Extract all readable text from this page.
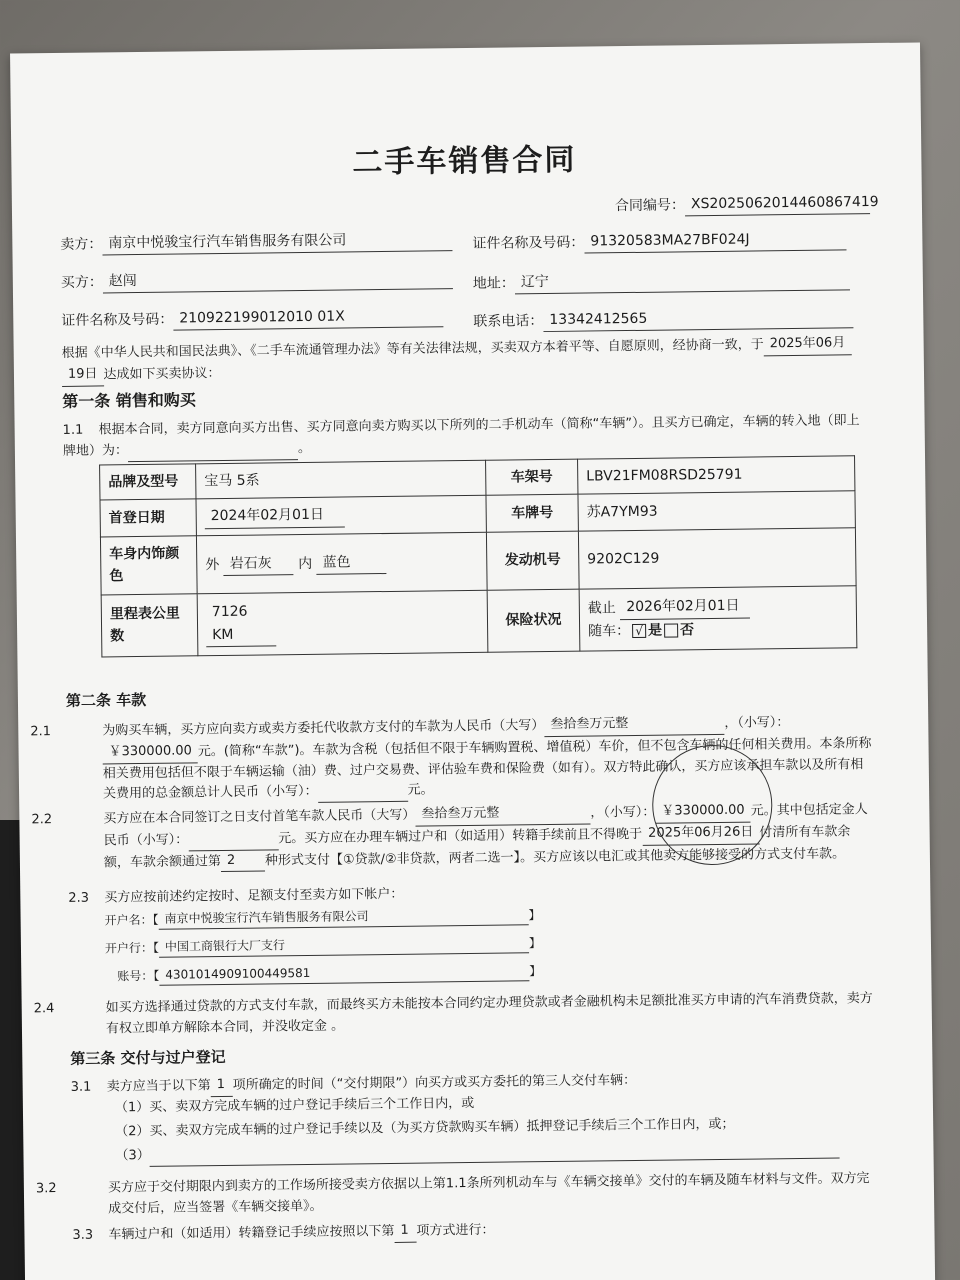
二手车销售合同
合同编号： XS2025062014460867419
卖方： 南京中悦骏宝行汽车销售服务有限公司	证件名称及号码： 91320583MA27BF024J
买方： 赵闯	地址： 辽宁
证件名称及号码： 210922199012010 01X	联系电话： 13342412565
根据《中华人民共和国民法典》、《二手车流通管理办法》等有关法律法规，买卖双方本着平等、自愿原则，经协商一致，于 2025年06月19日 达成如下买卖协议：
第一条 销售和购买
1.1 根据本合同，卖方同意向买方出售、买方同意向卖方购买以下所列的二手机动车（简称“车辆”）。且买方已确定，车辆的转入地（即上牌地）为：	。
品牌及型号	宝马 5系	车架号	LBV21FM08RSD25791
首登日期	2024年02月01日	车牌号	苏A7YM93
车身内饰颜色	外 岩石灰 内 蓝色	发动机号	9202C129
里程表公里数	7126 KM	保险状况	截止 2026年02月01日
随车： √ 是 否
第二条 车款
2.1	为购买车辆，买方应向卖方或卖方委托代收款方支付的车款为人民币（大写） 叁拾叁万元整	，（小写）：￥330000.00 元。(简称“车款”)。车款为含税（包括但不限于车辆购置税、增值税）车价，但不包含车辆的任何相关费用。本条所称相关费用包括但不限于车辆运输（油）费、过户交易费、评估验车费和保险费（如有）。双方特此确认，买方应该承担车款以及所有相关费用的总金额总计人民币（小写）：	元。
2.2	买方应在本合同签订之日支付首笔车款人民币（大写） 叁拾叁万元整	，（小写）： ￥330000.00 元。其中包括定金人民币（小写）：	元。买方应在办理车辆过户和（如适用）转籍手续前且不得晚于 2025年06月26日 付清所有车款余额，车款余额通过第 2 种形式支付【①贷款/②非贷款，两者二选一】。买方应该以电汇或其他卖方能够接受的方式支付车款。
2.3 买方应按前述约定按时、足额支付至卖方如下帐户：
开户名：【 南京中悦骏宝行汽车销售服务有限公司	】
开户行：【 中国工商银行大厂支行	】
账号：【 4301014909100449581	】
2.4	如买方选择通过贷款的方式支付车款，而最终买方未能按本合同约定办理贷款或者金融机构未足额批准买方申请的汽车消费贷款，卖方有权立即单方解除本合同，并没收定金 。
第三条 交付与过户登记
3.1 卖方应当于以下第 1 项所确定的时间（“交付期限”）向买方或买方委托的第三人交付车辆：
（1）买、卖双方完成车辆的过户登记手续后三个工作日内，或
（2）买、卖双方完成车辆的过户登记手续以及（为买方贷款购买车辆）抵押登记手续后三个工作日内，或；
（3）
3.2	买方应于交付期限内到卖方的工作场所接受卖方依据以上第1.1条所列机动车与《车辆交接单》交付的车辆及随车材料与文件。双方完成交付后，应当签署《车辆交接单》。
3.3 车辆过户和（如适用）转籍登记手续应按照以下第 1 项方式进行：
